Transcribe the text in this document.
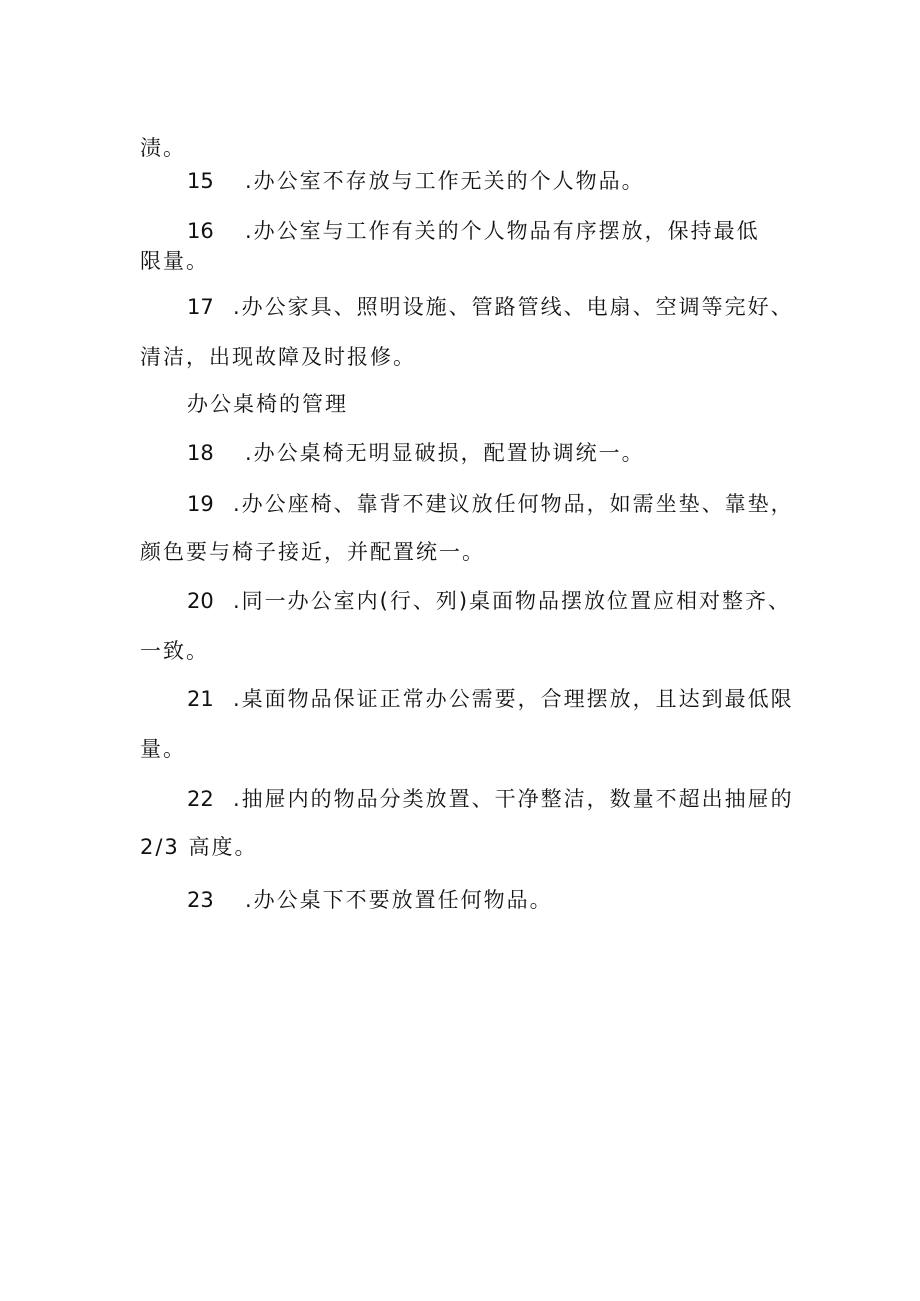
渍。
15 .办公室不存放与工作无关的个人物品。
16 .办公室与工作有关的个人物品有序摆放，保持最低
限量。
17 .办公家具、照明设施、管路管线、电扇、空调等完好、
清洁，出现故障及时报修。
办公桌椅的管理
18 .办公桌椅无明显破损，配置协调统一。
19 .办公座椅、靠背不建议放任何物品，如需坐垫、靠垫，
颜色要与椅子接近，并配置统一。
20 .同一办公室内(行、列)桌面物品摆放位置应相对整齐、
一致。
21 .桌面物品保证正常办公需要，合理摆放，且达到最低限
量。
22 .抽屉内的物品分类放置、干净整洁，数量不超出抽屉的
2/3 高度。
23 .办公桌下不要放置任何物品。
